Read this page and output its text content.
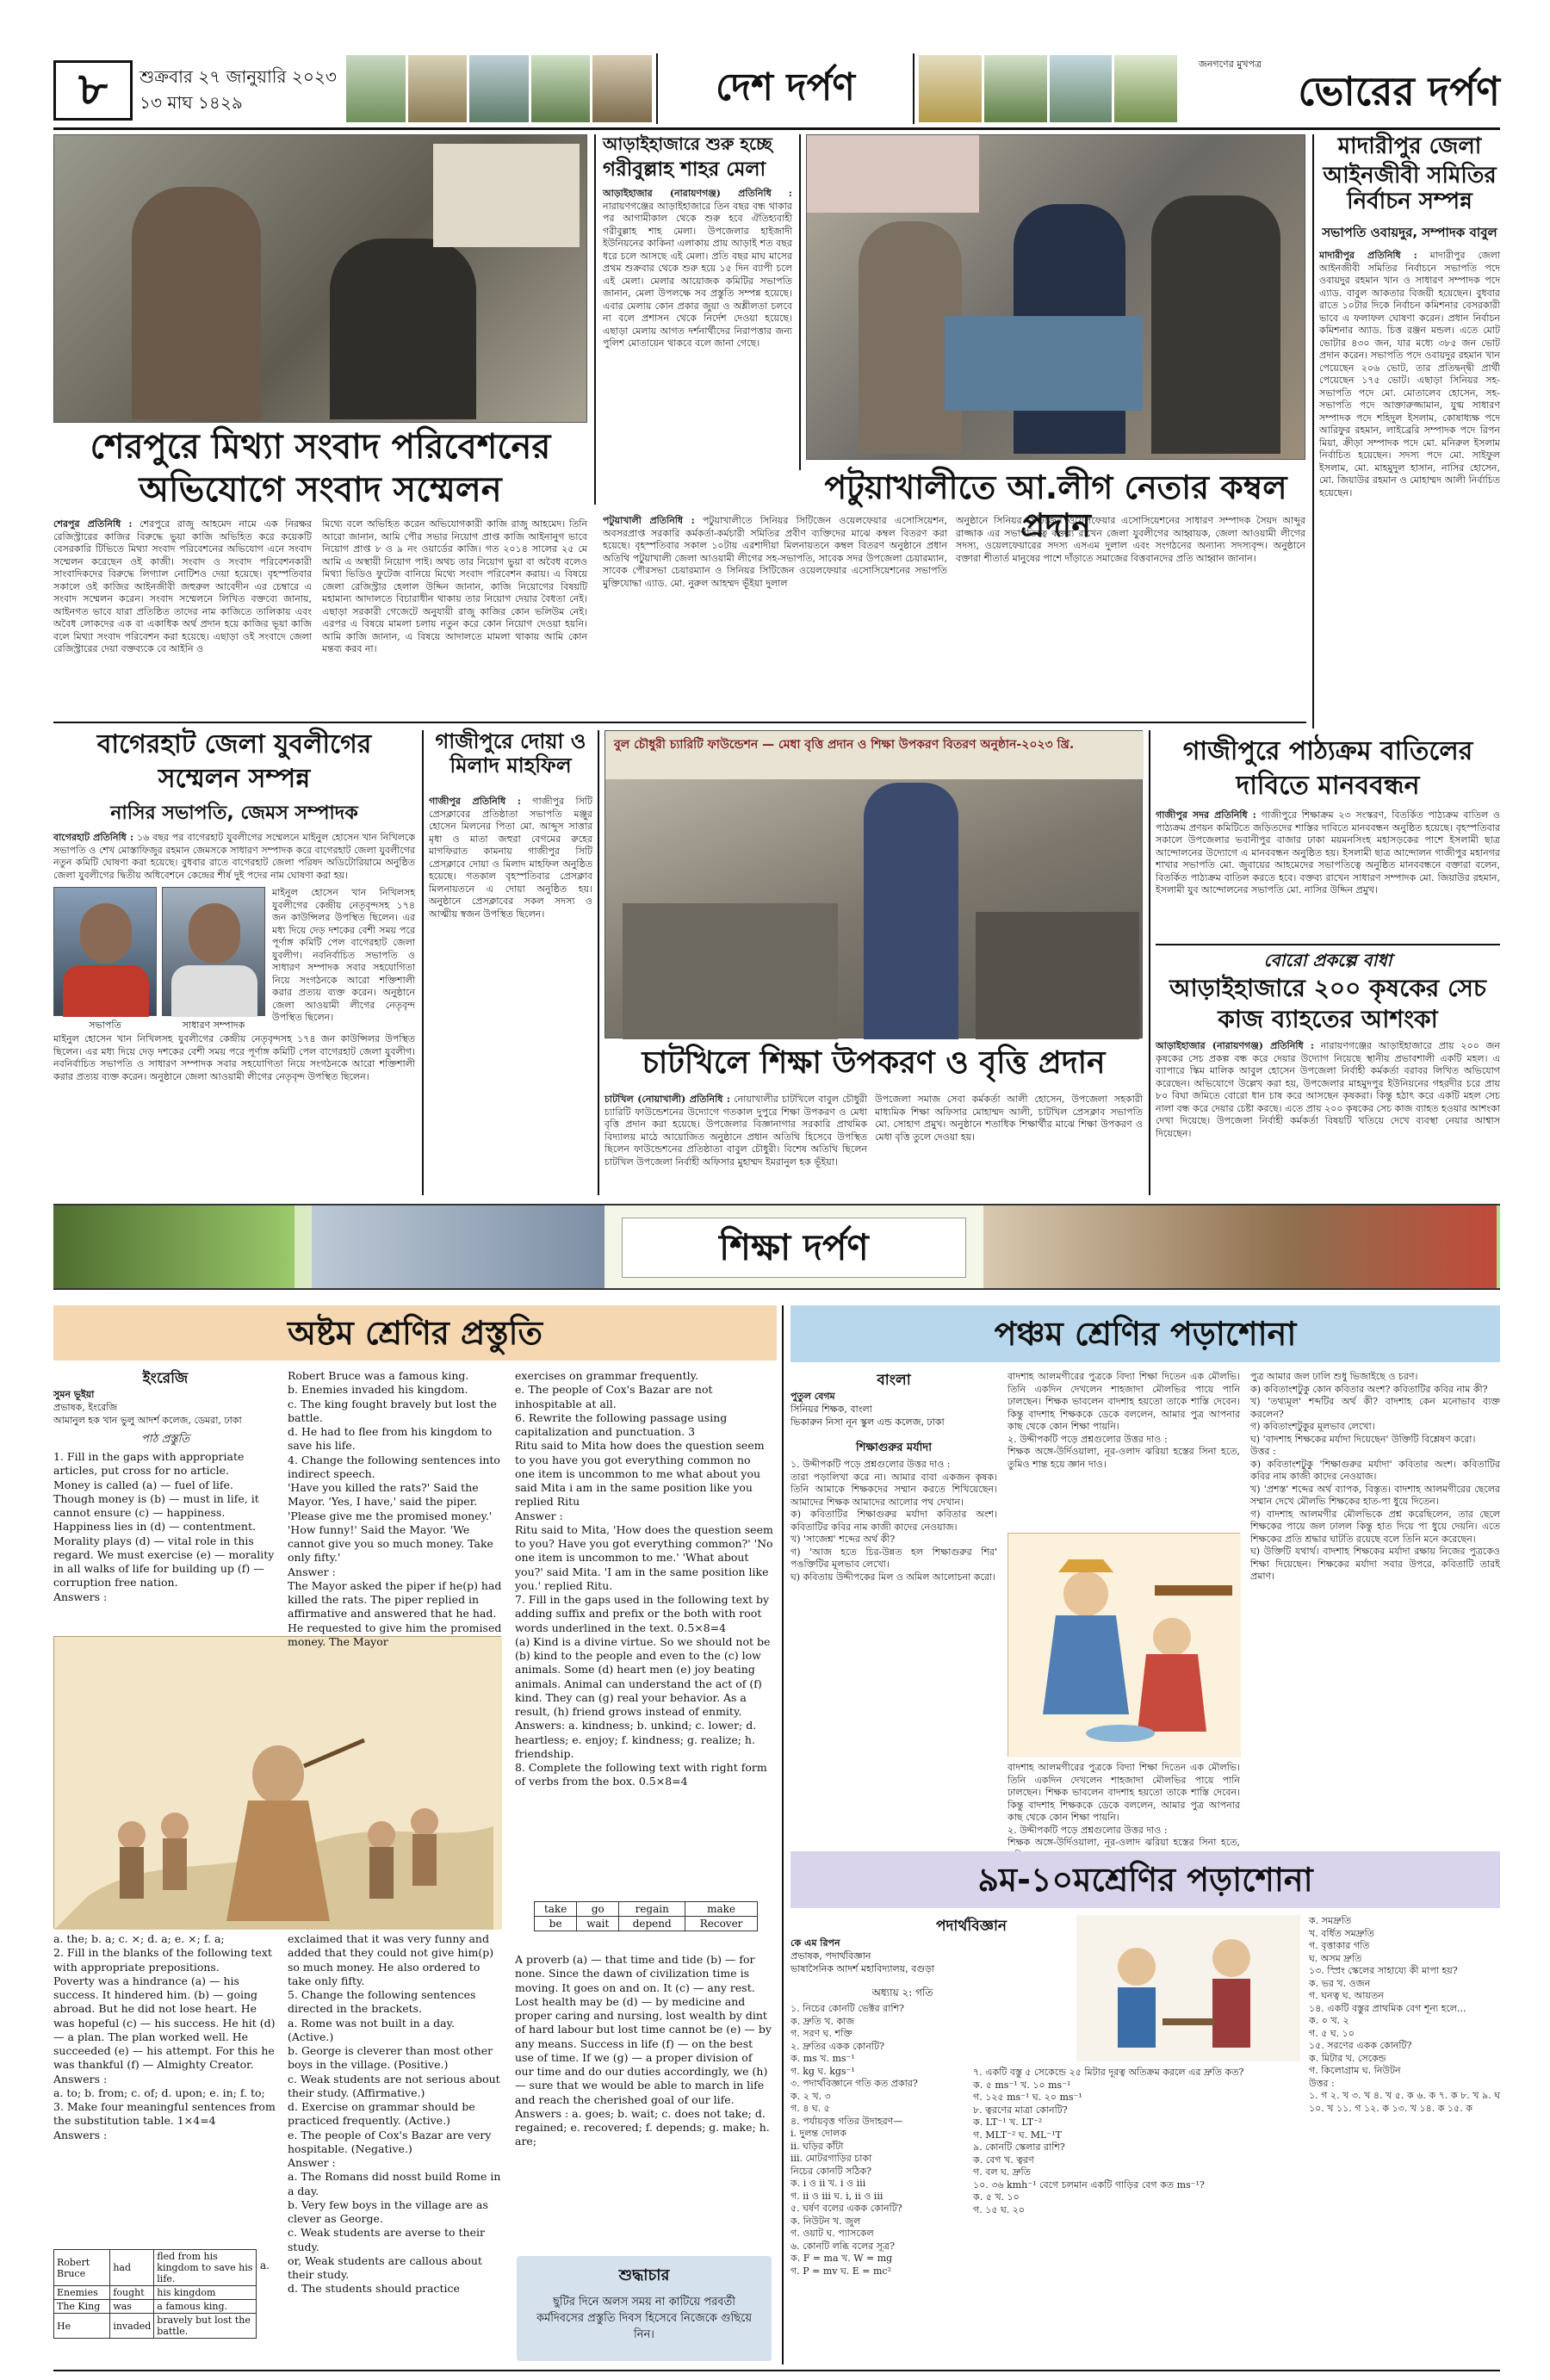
৮	শুক্রবার ২৭ জানুয়ারি ২০২৩
১৩ মাঘ ১৪২৯	দেশ দর্পণ
জনগণের মুখপত্র
ভোরের দর্পণ
শেরপুরে মিথ্যা সংবাদ পরিবেশনের
অভিযোগে সংবাদ সম্মেলন
শেরপুর প্রতিনিধি : শেরপুরে রাজু আহমেদ নামে এক নিরক্ষর রেজিস্ট্রারের কাজির বিরুদ্ধে ভুয়া কাজি অভিহিত করে কয়েকটি বেসরকারি টিভিতে মিথ্যা সংবাদ পরিবেশনের অভিযোগ এনে সংবাদ সম্মেলন করেছেন ওই কাজী। সংবাদ ও সংবাদ পরিবেশনকারী সাংবাদিকদের বিরুদ্ধে লিগ্যাল নোটিশও দেয়া হয়েছে। বৃহস্পতিবার সকালে ওই কাজির আইনজীবী জহুরুল আবেদীন এর চেম্বারে এ সংবাদ সম্মেলন করেন। সংবাদ সম্মেলনে লিখিত বক্তব্যে জানায়, আইনগত ভাবে যারা প্রতিষ্ঠিত তাদের নাম কাজিতে তালিকায় এবং অবৈধ লোকদের এক বা একাধিক অর্থ প্রদান হয়ে কাজির ভূয়া কাজি বলে মিথ্যা সংবাদ পরিবেশন করা হয়েছে। এছাড়া ওই সংবাদে জেলা রেজিস্ট্রারের দেয়া বক্তব্যকে বে আইনি ও
মিথ্যে বলে অভিহিত করেন অভিযোগকারী কাজি রাজু আহমেদ। তিনি আরো জানান, আমি পৌর সভার নিয়োগ প্রাপ্ত কাজি আইনানুগ ভাবে নিয়োগ প্রাপ্ত ৮ ও ৯ নং ওয়ার্ডের কাজি। গত ২০১৪ সালের ২৫ মে আমি এ অস্থায়ী নিয়োগ পাই। অথচ তার নিয়োগ ভুয়া বা অবৈধ বলেও মিথ্যা ভিডিও ফুটেজ বানিয়ে মিথ্যে সংবাদ পরিবেশন করায়। এ বিষয়ে জেলা রেজিস্ট্রার হেলাল উদ্দিন জানান, কাজি নিয়োগের বিষয়টি মহামান্য আদালতে বিচারাধীন থাকায় তার নিয়োগ দেয়ার বৈধতা নেই। এছাড়া সরকারী গেজেটে অনুযায়ী রাজু কাজির কোন ভলিউম নেই। এরপর এ বিষয়ে মামলা চলায় নতুন করে কোন নিয়োগ দেওয়া হয়নি। আমি কাজি জানান, এ বিষয়ে আদালতে মামলা থাকায় আমি কোন মন্তব্য করব না।
আড়াইহাজারে শুরু হচ্ছে
গরীবুল্লাহ শাহর মেলা
আড়াইহাজার (নারায়ণগঞ্জ) প্রতিনিধি : নারায়ণগঞ্জের আড়াইহাজারে তিন বছর বন্ধ থাকার পর আগামীকাল থেকে শুরু হবে ঐতিহ্যবাহী গরীবুল্লাহ শাহ মেলা। উপজেলার হাইজাদী ইউনিয়নের কাকিনা এলাকায় প্রায় আড়াই শত বছর ধরে চলে আসছে এই মেলা। প্রতি বছর মাঘ মাসের প্রথম শুক্রবার থেকে শুরু হয়ে ১৫ দিন ব্যাপী চলে এই মেলা। মেলার আয়োজক কমিটির সভাপতি জানান, মেলা উপলক্ষে সব প্রস্তুতি সম্পন্ন হয়েছে। এবার মেলায় কোন প্রকার জুয়া ও অশ্লীলতা চলবে না বলে প্রশাসন থেকে নির্দেশ দেওয়া হয়েছে। এছাড়া মেলায় আগত দর্শনার্থীদের নিরাপত্তার জন্য পুলিশ মোতায়েন থাকবে বলে জানা গেছে।
পটুয়াখালীতে আ.লীগ নেতার কম্বল প্রদান
পটুয়াখালী প্রতিনিধি : পটুয়াখালীতে সিনিয়র সিটিজেন ওয়েলফেয়ার এসোসিয়েশন, অবসরপ্রাপ্ত সরকারি কর্মকর্তা-কর্মচারী সমিতির প্রবীণ ব্যক্তিদের মাঝে কম্বল বিতরণ করা হয়েছে। বৃহস্পতিবার সকাল ১০টায় এরশাদীয়া মিলনায়তনে কম্বল বিতরণ অনুষ্ঠানে প্রধান অতিথি পটুয়াখালী জেলা আওয়ামী লীগের সহ-সভাপতি, সাবেক সদর উপজেলা চেয়ারম্যান, সাবেক পৌরসভা চেয়ারম্যান ও সিনিয়র সিটিজেন ওয়েলফেয়ার এসোসিয়েশনের সভাপতি মুক্তিযোদ্ধা এ্যাড. মো. নুরুল আহম্মদ ভূঁইয়া দুলাল
অনুষ্ঠানে সিনিয়র সিটিজেন ওয়েলফেয়ার এসোসিয়েশনের সাধারণ সম্পাদক সৈয়দ আব্দুর রাজ্জাক এর সভাপতিত্বে বক্তব্য রাখেন জেলা যুবলীগের আহ্বায়ক, জেলা আওয়ামী লীগের সদস্য, ওয়েলফেয়ারের সদস্য এসএম দুলাল এবং সংগঠনের অন্যান্য সদস্যবৃন্দ। অনুষ্ঠানে বক্তারা শীতার্ত মানুষের পাশে দাঁড়াতে সমাজের বিত্তবানদের প্রতি আহ্বান জানান।
মাদারীপুর জেলা
আইনজীবী সমিতির নির্বাচন সম্পন্ন
সভাপতি ওবায়দুর, সম্পাদক বাবুল
মাদারীপুর প্রতিনিধি : মাদারীপুর জেলা আইনজীবী সমিতির নির্বাচনে সভাপতি পদে ওবায়দুর রহমান খান ও সাধারণ সম্পাদক পদে এ্যাড. বাবুল আকতার বিজয়ী হয়েছেন। বুধবার রাতে ১০টার দিকে নির্বাচন কমিশনার বেসরকারী ভাবে এ ফলাফল ঘোষণা করেন। প্রধান নির্বাচন কমিশনার অ্যাড. চিত্ত রঞ্জন মন্ডল। এতে মোট ভোটার ৪৩০ জন, যার মধ্যে ৩৮৫ জন ভোট প্রদান করেন। সভাপতি পদে ওবায়দুর রহমান খান পেয়েছেন ২০৬ ভোট, তার প্রতিদ্বন্দ্বী প্রার্থী পেয়েছেন ১৭৫ ভোট। এছাড়া সিনিয়র সহ-সভাপতি পদে মো. মোতালেব হোসেন, সহ-সভাপতি পদে আক্তারুজ্জামান, যুগ্ম সাধারণ সম্পাদক পদে শহিদুল ইসলাম, কোষাধ্যক্ষ পদে আরিফুর রহমান, লাইব্রেরি সম্পাদক পদে রিপন মিয়া, ক্রীড়া সম্পাদক পদে মো. মনিরুল ইসলাম নির্বাচিত হয়েছেন। সদস্য পদে মো. সাইফুল ইসলাম, মো. মাহমুদুল হাসান, নাসির হোসেন, মো. জিয়াউর রহমান ও মোহাম্মদ আলী নির্বাচিত হয়েছেন।
বাগেরহাট জেলা যুবলীগের
সম্মেলন সম্পন্ন
নাসির সভাপতি, জেমস সম্পাদক
বাগেরহাট প্রতিনিধি : ১৬ বছর পর বাগেরহাট যুবলীগের সম্মেলনে মাইনুল হোসেন খান নিখিলকে সভাপতি ও শেখ মোস্তাফিজুর রহমান জেমসকে সাধারণ সম্পাদক করে বাগেরহাট জেলা যুবলীগের নতুন কমিটি ঘোষণা করা হয়েছে। বুধবার রাতে বাগেরহাট জেলা পরিষদ অডিটোরিয়ামে অনুষ্ঠিত জেলা যুবলীগের দ্বিতীয় অধিবেশনে কেন্দ্রের শীর্ষ দুই পদের নাম ঘোষণা করা হয়।
সভাপতি	সাধারণ সম্পাদক
মাইনুল হোসেন খান নিখিলসহ যুবলীগের কেন্দ্রীয় নেতৃবৃন্দসহ ১৭৪ জন কাউন্সিলর উপস্থিত ছিলেন। এর মধ্য দিয়ে দেড় দশকের বেশী সময় পরে পূর্ণাঙ্গ কমিটি পেল বাগেরহাট জেলা যুবলীগ। নবনির্বাচিত সভাপতি ও সাধারণ সম্পাদক সবার সহযোগিতা নিয়ে সংগঠনকে আরো শক্তিশালী করার প্রত্যয় ব্যক্ত করেন। অনুষ্ঠানে জেলা আওয়ামী লীগের নেতৃবৃন্দ উপস্থিত ছিলেন।
মাইনুল হোসেন খান নিখিলসহ যুবলীগের কেন্দ্রীয় নেতৃবৃন্দসহ ১৭৪ জন কাউন্সিলর উপস্থিত ছিলেন। এর মধ্য দিয়ে দেড় দশকের বেশী সময় পরে পূর্ণাঙ্গ কমিটি পেল বাগেরহাট জেলা যুবলীগ। নবনির্বাচিত সভাপতি ও সাধারণ সম্পাদক সবার সহযোগিতা নিয়ে সংগঠনকে আরো শক্তিশালী করার প্রত্যয় ব্যক্ত করেন। অনুষ্ঠানে জেলা আওয়ামী লীগের নেতৃবৃন্দ উপস্থিত ছিলেন।
গাজীপুরে দোয়া ও মিলাদ মাহফিল
গাজীপুর প্রতিনিধি : গাজীপুর সিটি প্রেসক্লাবের প্রতিষ্ঠাতা সভাপতি মঞ্জুর হোসেন মিলনের পিতা মো. আব্দুস সাত্তার মৃধা ও মাতা জহুরা বেগমের রুহের মাগফিরাত কামনায় গাজীপুর সিটি প্রেসক্লাবে দোয়া ও মিলাদ মাহফিল অনুষ্ঠিত হয়েছে। গতকাল বৃহস্পতিবার প্রেসক্লাব মিলনায়তনে এ দোয়া অনুষ্ঠিত হয়। অনুষ্ঠানে প্রেসক্লাবের সকল সদস্য ও আত্মীয় স্বজন উপস্থিত ছিলেন।
বুল চৌধুরী চ্যারিটি ফাউন্ডেশন — মেধা বৃত্তি প্রদান ও শিক্ষা উপকরণ বিতরণ অনুষ্ঠান-২০২৩ খ্রি.
চাটখিলে শিক্ষা উপকরণ ও বৃত্তি প্রদান
চাটখিল (নোয়াখালী) প্রতিনিধি : নোয়াখালীর চাটখিলে বাবুল চৌধুরী চ্যারিটি ফাউন্ডেশনের উদ্যোগে গতকাল দুপুরে শিক্ষা উপকরণ ও মেধা বৃত্তি প্রদান করা হয়েছে। উপজেলার বিজ্ঞানাগার সরকারি প্রাথমিক বিদ্যালয় মাঠে আয়োজিত অনুষ্ঠানে প্রধান অতিথি হিসেবে উপস্থিত ছিলেন ফাউন্ডেশনের প্রতিষ্ঠাতা বাবুল চৌধুরী। বিশেষ অতিথি ছিলেন চাটখিল উপজেলা নির্বাহী অফিসার মুহাম্মদ ইমরানুল হক ভূঁইয়া।
উপজেলা সমাজ সেবা কর্মকর্তা আলী হোসেন, উপজেলা সহকারী মাধ্যমিক শিক্ষা অফিসার মোহাম্মদ আলী, চাটখিল প্রেসক্লাব সভাপতি মো. সোহাগ প্রমুখ। অনুষ্ঠানে শতাধিক শিক্ষার্থীর মাঝে শিক্ষা উপকরণ ও মেধা বৃত্তি তুলে দেওয়া হয়।
গাজীপুরে পাঠ্যক্রম বাতিলের
দাবিতে মানববন্ধন
গাজীপুর সদর প্রতিনিধি : গাজীপুরে শিক্ষাক্রম ২৩ সংস্করণ, বিতর্কিত পাঠ্যক্রম বাতিল ও পাঠ্যক্রম প্রণয়ন কমিটিতে জড়িতদের শাস্তির দাবিতে মানববন্ধন অনুষ্ঠিত হয়েছে। বৃহস্পতিবার সকালে উপজেলার ভবানীপুর বাজার ঢাকা ময়মনসিংহ মহাসড়কের পাশে ইসলামী ছাত্র আন্দোলনের উদ্যোগে এ মানববন্ধন অনুষ্ঠিত হয়। ইসলামী ছাত্র আন্দোলন গাজীপুর মহানগর শাখার সভাপতি মো. জুবায়ের আহমেদের সভাপতিত্বে অনুষ্ঠিত মানববন্ধনে বক্তারা বলেন, বিতর্কিত পাঠ্যক্রম বাতিল করতে হবে। বক্তব্য রাখেন সাধারণ সম্পাদক মো. জিয়াউর রহমান, ইসলামী যুব আন্দোলনের সভাপতি মো. নাসির উদ্দিন প্রমুখ।
বোরো প্রকল্পে বাধা
আড়াইহাজারে ২০০ কৃষকের সেচ
কাজ ব্যাহতের আশংকা
আড়াইহাজার (নারায়ণগঞ্জ) প্রতিনিধি : নারায়ণগঞ্জের আড়াইহাজারে প্রায় ২০০ জন কৃষকের সেচ প্রকল্প বন্ধ করে দেয়ার উদ্যোগ নিয়েছে স্থানীয় প্রভাবশালী একটি মহল। এ ব্যাপারে স্কিম মালিক আবুল হোসেন উপজেলা নির্বাহী কর্মকর্তা বরাবর লিখিত অভিযোগ করেছেন। অভিযোগে উল্লেখ করা হয়, উপজেলার মাহমুদপুর ইউনিয়নের গহরদীর চরে প্রায় ৮০ বিঘা জমিতে বোরো ধান চাষ করে আসছেন কৃষকরা। কিন্তু হঠাৎ করে একটি মহল সেচ নালা বন্ধ করে দেয়ার চেষ্টা করছে। এতে প্রায় ২০০ কৃষকের সেচ কাজ ব্যাহত হওয়ার আশংকা দেখা দিয়েছে। উপজেলা নির্বাহী কর্মকর্তা বিষয়টি খতিয়ে দেখে ব্যবস্থা নেয়ার আশ্বাস দিয়েছেন।
শিক্ষা দর্পণ
অষ্টম শ্রেণির প্রস্তুতি
ইংরেজি
সুমন ভূইয়া
প্রভাষক, ইংরেজি
আমানুল হক খান ভুলু আদর্শ কলেজ, ডেমরা, ঢাকা
পাঠ প্রস্তুতি
1. Fill in the gaps with appropriate articles, put cross for no article.
Money is called (a) — fuel of life. Though money is (b) — must in life, it cannot ensure (c) — happiness. Happiness lies in (d) — contentment. Morality plays (d) — vital role in this regard. We must exercise (e) — morality in all walks of life for building up (f) — corruption free nation.
Answers :
a. the; b. a; c. ×; d. a; e. ×; f. a;
2. Fill in the blanks of the following text with appropriate prepositions.
Poverty was a hindrance (a) — his success. It hindered him. (b) — going abroad. But he did not lose heart. He was hopeful (c) — his success. He hit (d) — a plan. The plan worked well. He succeeded (e) — his attempt. For this he was thankful (f) — Almighty Creator.
Answers :
a. to; b. from; c. of; d. upon; e. in; f. to;
3. Make four meaningful sentences from the substitution table. 1×4=4
Answers :
Robert Bruce	had	fled from his kingdom to save his life.
Enemies	fought	his kingdom
The King	was	a famous king.
He	invaded	bravely but lost the battle.
a.
Robert Bruce was a famous king.
b. Enemies invaded his kingdom.
c. The king fought bravely but lost the battle.
d. He had to flee from his kingdom to save his life.
4. Change the following sentences into indirect speech.
'Have you killed the rats?' Said the Mayor. 'Yes, I have,' said the piper. 'Please give me the promised money.' 'How funny!' Said the Mayor. 'We cannot give you so much money. Take only fifty.'
Answer :
The Mayor asked the piper if he(p) had killed the rats. The piper replied in affirmative and answered that he had. He requested to give him the promised money. The Mayor
exclaimed that it was very funny and added that they could not give him(p) so much money. He also ordered to take only fifty.
5. Change the following sentences directed in the brackets.
a. Rome was not built in a day. (Active.)
b. George is cleverer than most other boys in the village. (Positive.)
c. Weak students are not serious about their study. (Affirmative.)
d. Exercise on grammar should be practiced frequently. (Active.)
e. The people of Cox's Bazar are very hospitable. (Negative.)
Answer :
a. The Romans did nosst build Rome in a day.
b. Very few boys in the village are as clever as George.
c. Weak students are averse to their study.
or, Weak students are callous about their study.
d. The students should practice
exercises on grammar frequently.
e. The people of Cox's Bazar are not inhospitable at all.
6. Rewrite the following passage using capitalization and punctuation. 3
Ritu said to Mita how does the question seem to you have you got everything common no one item is uncommon to me what about you said Mita i am in the same position like you replied Ritu
Answer :
Ritu said to Mita, 'How does the question seem to you? Have you got everything common?' 'No one item is uncommon to me.' 'What about you?' said Mita. 'I am in the same position like you.' replied Ritu.
7. Fill in the gaps used in the following text by adding suffix and prefix or the both with root words underlined in the text. 0.5×8=4
(a) Kind is a divine virtue. So we should not be (b) kind to the people and even to the (c) low animals. Some (d) heart men (e) joy beating animals. Animal can understand the act of (f) kind. They can (g) real your behavior. As a result, (h) friend grows instead of enmity.
Answers: a. kindness; b. unkind; c. lower; d. heartless; e. enjoy; f. kindness; g. realize; h. friendship.
8. Complete the following text with right form of verbs from the box. 0.5×8=4
take	go	regain	make
be	wait	depend	Recover
A proverb (a) — that time and tide (b) — for none. Since the dawn of civilization time is moving. It goes on and on. It (c) — any rest. Lost health may be (d) — by medicine and proper caring and nursing, lost wealth by dint of hard labour but lost time cannot be (e) — by any means. Success in life (f) — on the best use of time. If we (g) — a proper division of our time and do our duties accordingly, we (h) — sure that we would be able to march in life and reach the cherished goal of our life.
Answers : a. goes; b. wait; c. does not take; d. regained; e. recovered; f. depends; g. make; h. are;
শুদ্ধাচার
ছুটির দিনে অলস সময় না কাটিয়ে পরবর্তী কর্মদিবসের প্রস্তুতি দিবস হিসেবে নিজেকে গুছিয়ে নিন।
পঞ্চম শ্রেণির পড়াশোনা
বাংলা
পুতুল বেগম
সিনিয়র শিক্ষক, বাংলা
ভিকারুন নিসা নূন স্কুল এন্ড কলেজ, ঢাকা
শিক্ষাগুরুর মর্যাদা
১. উদ্দীপকটি পড়ে প্রশ্নগুলোর উত্তর দাও :
তারা পড়ালিখা করে না। আমার বাবা একজন কৃষক। তিনি আমাকে শিক্ষকদের সম্মান করতে শিখিয়েছেন। আমাদের শিক্ষক আমাদের আলোর পথ দেখান।
ক) কবিতাটির শিক্ষাগুরুর মর্যাদা কবিতার অংশ। কবিতাটির কবির নাম কাজী কাদের নেওয়াজ।
খ) 'সাজেশ্ন' শব্দের অর্থ কী?
গ) 'আজ হতে চির-উন্নত হল শিক্ষাগুরুর শির' পঙক্তিটির মূলভাব লেখো।
ঘ) কবিতায় উদ্দীপকের মিল ও অমিল আলোচনা করো।
বাদশাহ আলমগীরের পুত্রকে বিদ্যা শিক্ষা দিতেন এক মৌলভি। তিনি একদিন দেখলেন শাহজাদা মৌলভির পায়ে পানি ঢালছেন। শিক্ষক ভাবলেন বাদশাহ হয়তো তাকে শাস্তি দেবেন। কিন্তু বাদশাহ শিক্ষককে ডেকে বললেন, আমার পুত্র আপনার কাছ থেকে কোন শিক্ষা পায়নি।
২. উদ্দীপকটি পড়ে প্রশ্নগুলোর উত্তর দাও :
শিক্ষক অঙ্গে-উর্দিওয়ালা, নূর-ওলাদ ঝরিয়া হস্তের সিনা হতে, তুমিও শান্ত হয়ে জ্ঞান দাও।
বাদশাহ আলমগীরের পুত্রকে বিদ্যা শিক্ষা দিতেন এক মৌলভি। তিনি একদিন দেখলেন শাহজাদা মৌলভির পায়ে পানি ঢালছেন। শিক্ষক ভাবলেন বাদশাহ হয়তো তাকে শাস্তি দেবেন। কিন্তু বাদশাহ শিক্ষককে ডেকে বললেন, আমার পুত্র আপনার কাছ থেকে কোন শিক্ষা পায়নি।
২. উদ্দীপকটি পড়ে প্রশ্নগুলোর উত্তর দাও :
শিক্ষক অঙ্গে-উর্দিওয়ালা, নূর-ওলাদ ঝরিয়া হস্তের সিনা হতে,
পুত্র আমার জল ঢালি শুধু ভিজাইছে ও চরণ।
ক) কবিতাংশটুকু কোন কবিতার অংশ? কবিতাটির কবির নাম কী?
খ) 'তথ্যমূল' শব্দটির অর্থ কী? বাদশাহ কেন মনোভাব ব্যক্ত করলেন?
গ) কবিতাংশটুকুর মূলভাব লেখো।
ঘ) 'বাদশাহ শিক্ষকের মর্যাদা দিয়েছেন' উক্তিটি বিশ্লেষণ করো।
উত্তর :
ক) কবিতাংশটুকু 'শিক্ষাগুরুর মর্যাদা' কবিতার অংশ। কবিতাটির কবির নাম কাজী কাদের নেওয়াজ।
খ) 'প্রশস্ত' শব্দের অর্থ ব্যাপক, বিস্তৃত। বাদশাহ আলমগীরের ছেলের সম্মান দেখে মৌলভি শিক্ষকের হাত-পা ধুয়ে দিতেন।
গ) বাদশাহ আলমগীর মৌলভিকে প্রশ্ন করেছিলেন, তার ছেলে শিক্ষকের পায়ে জল ঢালল কিন্তু হাত দিয়ে পা ধুয়ে দেয়নি। এতে শিক্ষকের প্রতি শ্রদ্ধার ঘাটতি রয়েছে বলে তিনি মনে করেছেন।
ঘ) উক্তিটি যথার্থ। বাদশাহ শিক্ষকের মর্যাদা রক্ষায় নিজের পুত্রকেও শিক্ষা দিয়েছেন। শিক্ষকের মর্যাদা সবার উপরে, কবিতাটি তারই প্রমাণ।
৯ম-১০মশ্রেণির পড়াশোনা
পদার্থবিজ্ঞান
কে এম রিপন
প্রভাষক, পদার্থবিজ্ঞান
ভাষাসৈনিক আদর্শ মহাবিদ্যালয়, বগুড়া
অধ্যায় ২: গতি
১. নিচের কোনটি ভেক্টর রাশি?
ক. দ্রুতি খ. কাজ
গ. সরণ ঘ. শক্তি
২. দ্রুতির একক কোনটি?
ক. ms খ. ms⁻¹
গ. kg ঘ. kgs⁻¹
৩. পদার্থবিজ্ঞানে গতি কত প্রকার?
ক. ২ খ. ৩
গ. ৪ ঘ. ৫
৪. পর্যায়বৃত্ত গতির উদাহরণ—
i. দুলন্ত দোলক
ii. ঘড়ির কাঁটা
iii. মোটরগাড়ির চাকা
নিচের কোনটি সঠিক?
ক. i ও ii খ. i ও iii
গ. ii ও iii ঘ. i, ii ও iii
৫. ঘর্ষণ বলের একক কোনটি?
ক. নিউটন খ. জুল
গ. ওয়াট ঘ. প্যাসকেল
৬. কোনটি লব্ধি বলের সূত্র?
ক. F = ma খ. W = mg
গ. P = mv ঘ. E = mc²
৭. একটি বস্তু ৫ সেকেন্ডে ২৫ মিটার দূরত্ব অতিক্রম করলে এর দ্রুতি কত?
ক. ৫ ms⁻¹ খ. ১০ ms⁻¹
গ. ১২৫ ms⁻¹ ঘ. ২০ ms⁻¹
৮. ত্বরণের মাত্রা কোনটি?
ক. LT⁻¹ খ. LT⁻²
গ. MLT⁻² ঘ. ML⁻¹T
৯. কোনটি স্কেলার রাশি?
ক. বেগ খ. ত্বরণ
গ. বল ঘ. দ্রুতি
১০. ৩৬ kmh⁻¹ বেগে চলমান একটি গাড়ির বেগ কত ms⁻¹?
ক. ৫ খ. ১০
গ. ১৫ ঘ. ২০
ক. সমদ্রুতি
খ. বর্ধিত সমদ্রুতি
গ. বৃত্তাকার গতি
ঘ. অসম দ্রুতি
১৩. স্প্রিং স্কেলের সাহায্যে কী মাপা হয়?
ক. ভর খ. ওজন
গ. ঘনত্ব ঘ. আয়তন
১৪. একটি বস্তুর প্রাথমিক বেগ শূন্য হলে...
ক. ০ খ. ২
গ. ৫ ঘ. ১০
১৫. সরণের একক কোনটি?
ক. মিটার খ. সেকেন্ড
গ. কিলোগ্রাম ঘ. নিউটন
উত্তর :
১. গ ২. খ ৩. খ ৪. খ ৫. ক ৬. ক ৭. ক ৮. খ ৯. ঘ ১০. খ ১১. গ ১২. ক ১৩. খ ১৪. ক ১৫. ক
